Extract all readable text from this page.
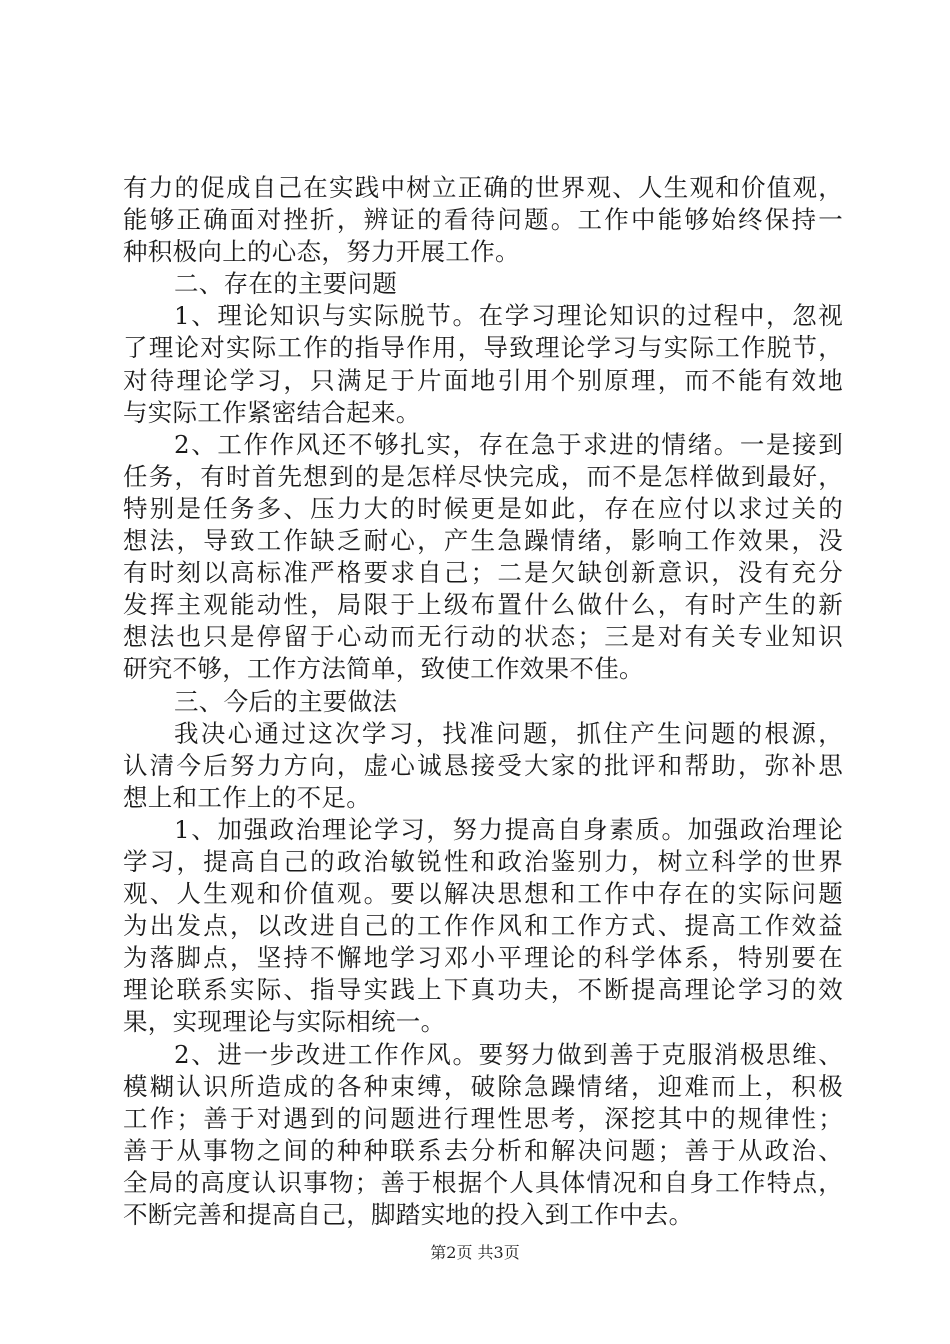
有力的促成自己在实践中树立正确的世界观、人生观和价值观，
能够正确面对挫折，辨证的看待问题。工作中能够始终保持一
种积极向上的心态，努力开展工作。
二、存在的主要问题
1、理论知识与实际脱节。在学习理论知识的过程中，忽视
了理论对实际工作的指导作用，导致理论学习与实际工作脱节，
对待理论学习，只满足于片面地引用个别原理，而不能有效地
与实际工作紧密结合起来。
2、工作作风还不够扎实，存在急于求进的情绪。一是接到
任务，有时首先想到的是怎样尽快完成，而不是怎样做到最好，
特别是任务多、压力大的时候更是如此，存在应付以求过关的
想法，导致工作缺乏耐心，产生急躁情绪，影响工作效果，没
有时刻以高标准严格要求自己；二是欠缺创新意识，没有充分
发挥主观能动性，局限于上级布置什么做什么，有时产生的新
想法也只是停留于心动而无行动的状态；三是对有关专业知识
研究不够，工作方法简单，致使工作效果不佳。
三、今后的主要做法
我决心通过这次学习，找准问题，抓住产生问题的根源，
认清今后努力方向，虚心诚恳接受大家的批评和帮助，弥补思
想上和工作上的不足。
1、加强政治理论学习，努力提高自身素质。加强政治理论
学习，提高自己的政治敏锐性和政治鉴别力，树立科学的世界
观、人生观和价值观。要以解决思想和工作中存在的实际问题
为出发点，以改进自己的工作作风和工作方式、提高工作效益
为落脚点，坚持不懈地学习邓小平理论的科学体系，特别要在
理论联系实际、指导实践上下真功夫，不断提高理论学习的效
果，实现理论与实际相统一。
2、进一步改进工作作风。要努力做到善于克服消极思维、
模糊认识所造成的各种束缚，破除急躁情绪，迎难而上，积极
工作；善于对遇到的问题进行理性思考，深挖其中的规律性；
善于从事物之间的种种联系去分析和解决问题；善于从政治、
全局的高度认识事物；善于根据个人具体情况和自身工作特点，
不断完善和提高自己，脚踏实地的投入到工作中去。
第2页 共3页
